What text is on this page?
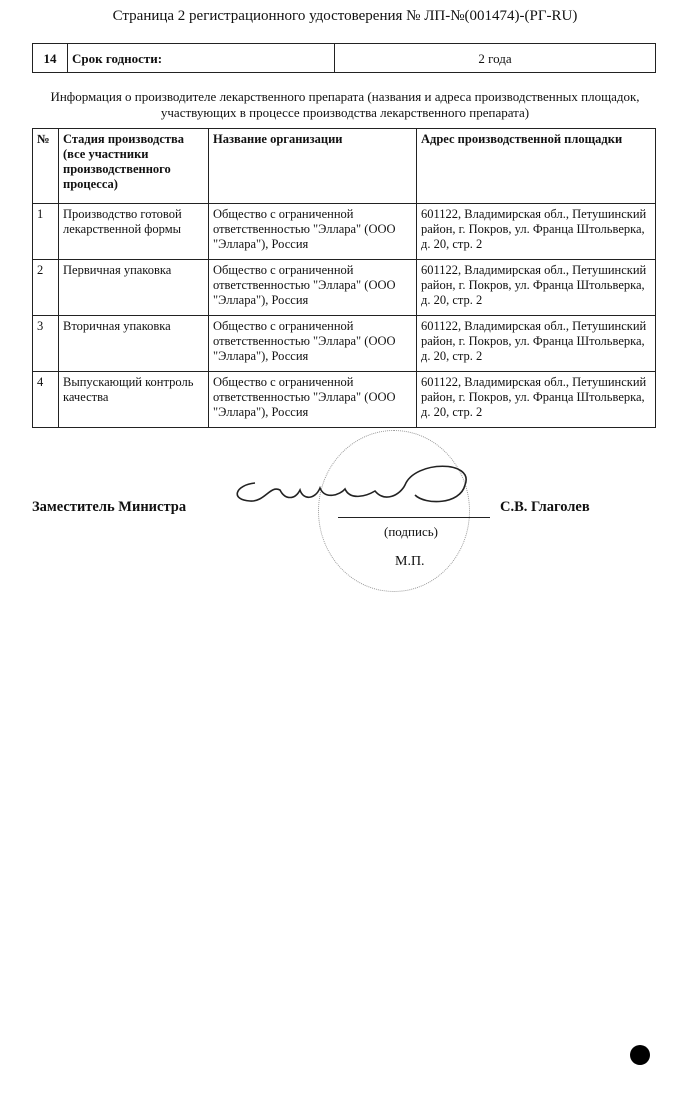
Страница 2 регистрационного удостоверения № ЛП-№(001474)-(РГ-RU)
14	Срок годности:	2 года
Информация о производителе лекарственного препарата (названия и адреса производственных площадок, участвующих в процессе производства лекарственного препарата)
№	Стадия производства (все участники производственного процесса)	Название организации	Адрес производственной площадки
1	Производство готовой лекарственной формы	Общество с ограниченной ответственностью "Эллара" (ООО "Эллара"), Россия	601122, Владимирская обл., Петушинский район, г. Покров, ул. Франца Штольверка, д. 20, стр. 2
2	Первичная упаковка	Общество с ограниченной ответственностью "Эллара" (ООО "Эллара"), Россия	601122, Владимирская обл., Петушинский район, г. Покров, ул. Франца Штольверка, д. 20, стр. 2
3	Вторичная упаковка	Общество с ограниченной ответственностью "Эллара" (ООО "Эллара"), Россия	601122, Владимирская обл., Петушинский район, г. Покров, ул. Франца Штольверка, д. 20, стр. 2
4	Выпускающий контроль качества	Общество с ограниченной ответственностью "Эллара" (ООО "Эллара"), Россия	601122, Владимирская обл., Петушинский район, г. Покров, ул. Франца Штольверка, д. 20, стр. 2
Заместитель Министра	С.В. Глаголев
(подпись)
М.П.
